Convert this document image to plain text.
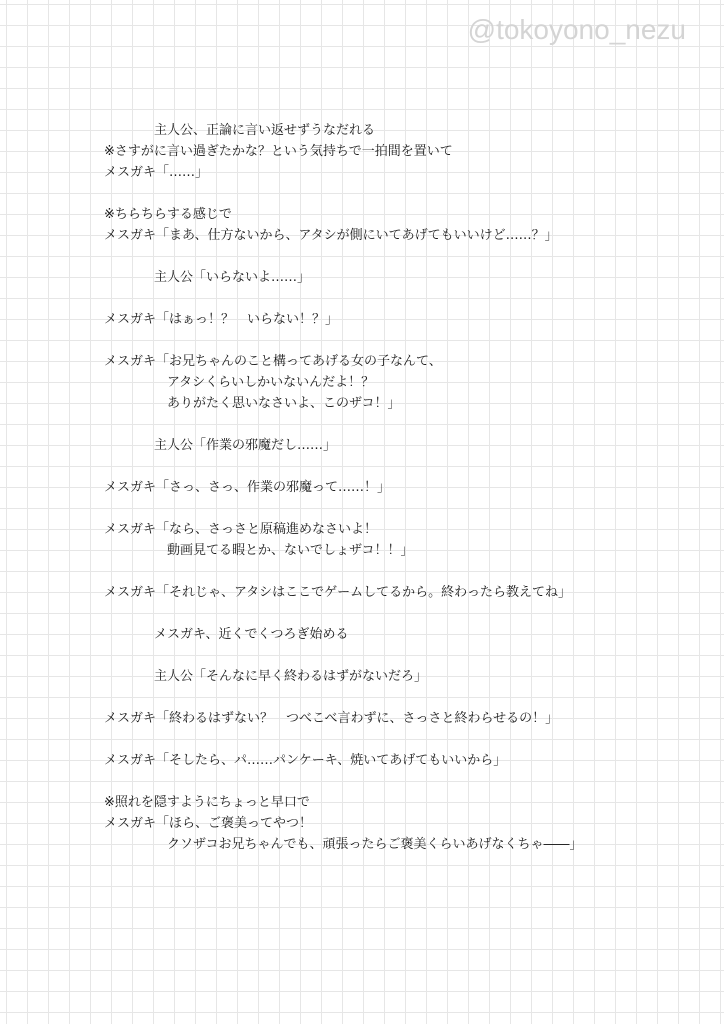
@tokoyono_nezu
主人公、正論に言い返せずうなだれる
※さすがに言い過ぎたかな？という気持ちで一拍間を置いて
メスガキ「……」
※ちらちらする感じで
メスガキ「まあ、仕方ないから、アタシが側にいてあげてもいいけど……？」
主人公「いらないよ……」
メスガキ「はぁっ！？　いらない！？」
メスガキ「お兄ちゃんのこと構ってあげる女の子なんて、
アタシくらいしかいないんだよ！？
ありがたく思いなさいよ、このザコ！」
主人公「作業の邪魔だし……」
メスガキ「さっ、さっ、作業の邪魔って……！」
メスガキ「なら、さっさと原稿進めなさいよ！
動画見てる暇とか、ないでしょザコ！！」
メスガキ「それじゃ、アタシはここでゲームしてるから。終わったら教えてね」
メスガキ、近くでくつろぎ始める
主人公「そんなに早く終わるはずがないだろ」
メスガキ「終わるはずない？　つべこべ言わずに、さっさと終わらせるの！」
メスガキ「そしたら、パ……パンケーキ、焼いてあげてもいいから」
※照れを隠すようにちょっと早口で
メスガキ「ほら、ご褒美ってやつ！
クソザコお兄ちゃんでも、頑張ったらご褒美くらいあげなくちゃ――」
